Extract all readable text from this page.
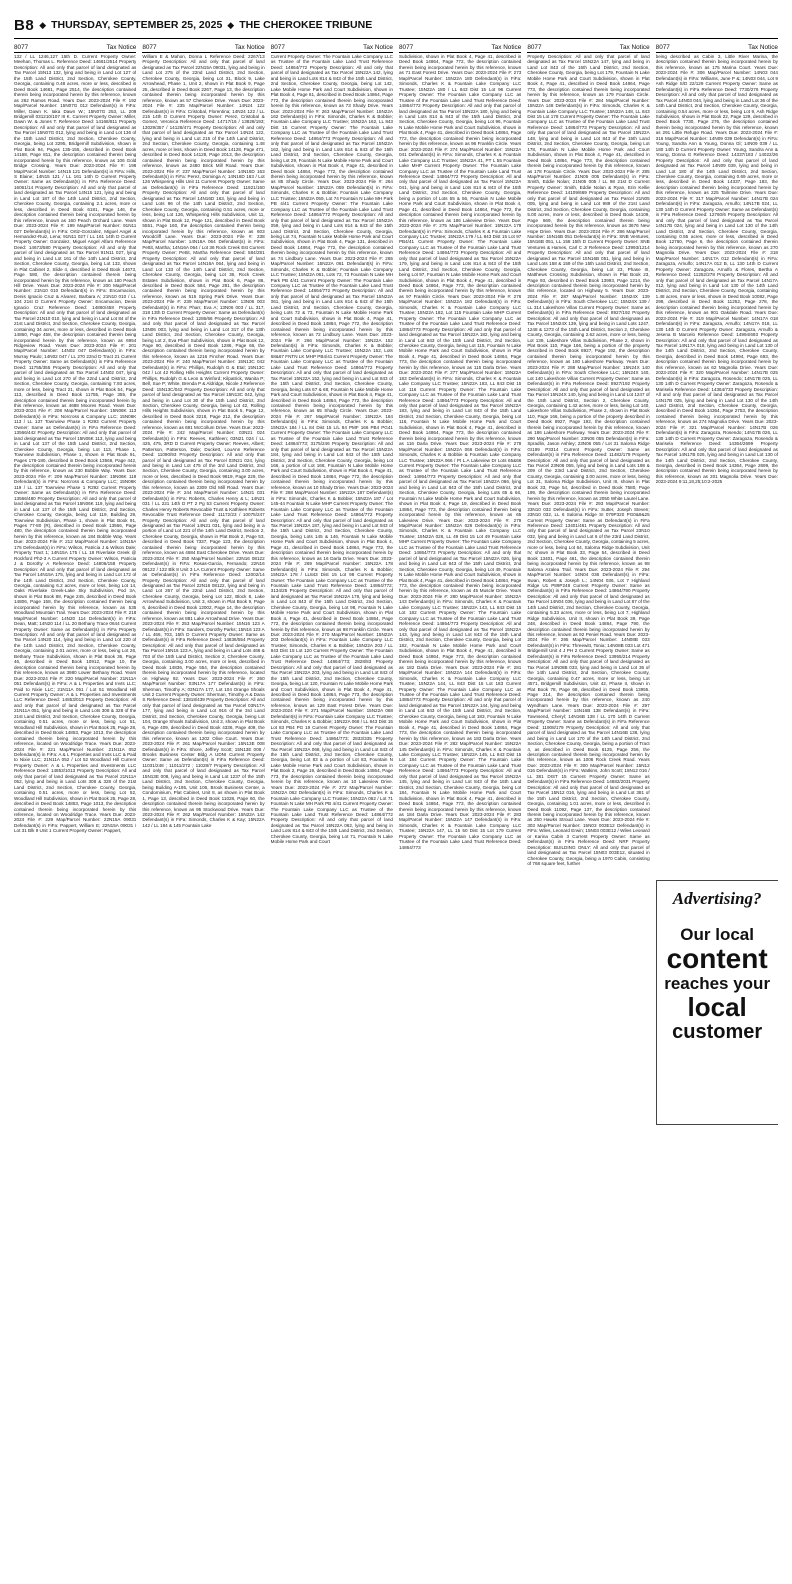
B8 ◆ THURSDAY, SEPTEMBER 25, 2025 ◆ THE CHEROKEE TRIBUNE
8077	Tax Notice
132 / LL 1246,127 15th D. Current Property Owner: Meehan, Thomas L. Reference Deed: 14661/2514 Property Description: All and only that parcel of land designated as Tax Parcel 15N13 132, lying and being in Land Lot 127 of the 15th Land District, 2nd Section, Cherokee County, Georgia, containing 0.48 acres, more or less, described in Deed Book 14661, Page 2514, the description contained therein being incorporated herein by this reference, known as 262 Ramos Road. Years Due: 2023-2024 File #: 192 Map/Parcel Number: 15N07G 012 Defendant(s) in FiFa: Miller, Dawn K. Iaka Dawn W.; 15N07G 253, LL 209 Bridgemill 031210/107 III K. Current Property Owner: Miller, Dawn W. & Jones T. Reference Deed: 14168/811 Property Description: All and only that parcel of land designated as Tax Parcel 15N07G 012, lying and being in Land Lot 136 of the 15th Land District, 2nd Section, Cherokee County, Georgia, being Lot 3295, Bridgemill Subdivision, shown in Plat Book 94, Pages 135-155, described in Deed Book 14168, Page 811, the description contained therein being incorporated herein by this reference, known as 106 Gold Bridge Crossing. Years Due: 2023-2024 File #: 198 Map/Parcel Number: 14N15 121 Defendant(s) in FiFa: Hills, S Elaine; 14N15 121 / LL 161 14th D Current Property Owner: Same as Defendant(s) in FiFa Reference Deed: 16061/14 Property Description: All and only that parcel of land designated as Tax Parcel 14N15 121, lying and being in Land Lot 187 of the 14th Land District, 2nd Section, Cherokee County, Georgia, containing 2.1 acres, more or less, described in Deed Book 6181, Page 146, the description contained therein being incorporated herein by this reference, known as 160 Peach Orchard Lane. Years Due: 2023-2024 File #: 199 Map/Parcel Number: 91N11 027 Defendant(s) in FiFa: Ortiz-Gonzalez, Miguel Angel & Hernandez-Ruiz, Lena; 91N11 027 / LL 161 14th D Current Property Owner: Gonzalez, Miguel Angel Alfaro Reference Deed: 14673/580 Property Description: All and only that parcel of land designated as Tax Parcel 91N11 027, lying and being in Land Lot 161 of the 14th Land District, 2nd Section, Cherokee County, Georgia, being Lot 132, shown in Plat Cabinet 2, Slide 4, described in Deed Book 14673, Page 580, the description contained therein being incorporated herein by this reference, known as 160 Peach Hill Drive. Years Due: 2023-2024 File #: 200 Map/Parcel Number: 21N10 010 Defendant(s) in FiFa: Encarnacion, Denis Ignacio Cruz & Alvarez, Barbara A; 21N10 010 / LL 104 21st D Current Property Owner: Encarnacion, Denis Ignacio Cruz Reference Deed: 14860/458 Property Description: All and only that parcel of land designated as Tax Parcel 21N10 010, lying and being in Land Lot 84 of the 21st Land District, 2nd Section, Cherokee County, Georgia, containing 34 acres, more or less, described in Deed Book 14860, Page 458, the description contained therein being incorporated herein by this reference, known as 6954 Ridgeview Road. Years Due: 2023-2024 File #: 201 Map/Parcel Number: 14N02 047 Defendant(s) in FiFa: Murray Paulo; 14N02 047 / LL 270 22nd D Tract 21 Current Property Owner: Same as Defendant(s) in FiFa Reference Deed: 11755/355 Property Description: All and only that parcel of land designated as Tax Parcel 14N02 047, lying and being in Land Lot 270 of the 22nd Land District, 2nd Section, Cherokee County, Georgia, containing 7.93 acres, more or less, being Tract 21, shown in Plat Book 54, Page 113, described in Deed Book 11755, Page 355, the description contained therein being incorporated herein by this reference, known as 4688 Moores Road. Years Due: 2023-2024 File #: 208 Map/Parcel Number: 15N06K 113 Defendant(s) in FiFa: Norcross & Company LLC; 15N06K 113 / LL 137 Townview Phase 1 R293 Current Property Owner: Same as Defendant(s) in FiFa Reference Deed: 13566/442 Property Description: All and only that parcel of land designated as Tax Parcel 15N06K 113, lying and being in Land Lot 137 of the 15th Land District, 2nd Section, Cherokee County, Georgia, being Lot 113, Phase 1, Townview Subdivision, Phase 1, shown in Plat Book 91, Pages 176-180, described in Deed Book 13566, Page 442, the description contained therein being incorporated herein by this reference, known as 230 Bobble Way. Years Due: 2023-2024 File #: 209 Map/Parcel Number: 15N06K 119 Defendant(s) in FiFa: Norcross & Company LLC; 15N06K 119 / LL 137 Townview Phase 1 R292 Current Property Owner: Same as Defendant(s) in FiFa Reference Deed: 13566/480 Property Description: All and only that parcel of land designated as Tax Parcel 15N06K 119, lying and being in Land Lot 137 of the 15th Land District, 2nd Section, Cherokee County, Georgia, being Lot 119, Building 29, Townview Subdivision, Phase 1, shown in Plat Book 91, Pages 77-80 (R), described in Deed Book 13566, Page 480, the description contained therein being incorporated herein by this reference, known as 184 Bobble Way. Years Due: 2023-2024 File #: 212 Map/Parcel Number: 14N15A 175 Defendant(s) in FiFa: Wilson, Patricia J & Wilson Dale; Property Tract 1; 14N15A 175 / LL 18 Riverlake Greek @ Rockford Ph2-3 A Current Property Owner: Wilson, Patricia J & Dorothy A Reference Deed: 14806/158 Property Description: All and only that parcel of land designated as Tax Parcel 14N15A 175, lying and being in Land Lot 172 of the 14th Land District, 2nd Section, Cherokee County, Georgia, containing 6.2 acres, more or less, being Lot 14, Oaks Riverlake Greek-Lake Sky Subdivision, Pod 3A, shown in Plat Book 88, Page 245, described in Deed Book 14806, Page 158, the description contained therein being incorporated herein by this reference, known as 535 Woodland Mountain Trail. Years Due: 2023-2024 File #: 218 Map/Parcel Number: 14N20 114 Defendant(s) in FiFa: Dean, Matt; 14N20 114 / LL 20 Bethany Trace 0644 Current Property Owner: Same as Defendant(s) in FiFa Property Description: All and only that parcel of land designated as Tax Parcel 14N20 114, lying and being in Land Lot 220 of the 14th Land District, 2nd Section, Cherokee County, Georgia, containing 2.01 acres, more or less, being Lot 26, Bethany Trace Subdivision, shown in Plat Book 36, Page 46, described in Deed Book 10912, Page 10, the description contained therein being incorporated herein by this reference, known as 3980 Lower Bethany Road. Years Due: 2023-2024 File #: 220 Map/Parcel Number: 21N11A 051 Defendant(s) in FiFa: A & L Properties and Invts LLC; Paid to Nixie LLC; 21N11A 051 / Lot 51 Woodland Hill Current Property Owner: A & L Properties and Investments LLC Reference Deed: 14853/013 Property Description: All and only that parcel of land designated as Tax Parcel 21N11A 051, lying and being in Land Lots 308 & 328 of the 21st Land District, 2nd Section, Cherokee County, Georgia, containing 0.51 acres, more or less, being Lot 51, Woodland Hill Subdivision, shown in Plat Book 25, Page 28, described in Deed Book 14853, Page 1013, the description contained therein being incorporated herein by this reference, located on Woodridge Trace. Years Due: 2023-2024 File #: 221 Map/Parcel Number: 21N11A 052 Defendant(s) in FiFa: A & L Properties and Invts LLC & Paid to Nixie LLC; 21N11A 052 / Lot 52 Woodland Hill Current Property Owner: A & L Properties and Investments LLC Reference Deed: 14853/1013 Property Description: All and only that parcel of land designated as Tax Parcel 21N11A 052, lying and being in Land Lots 308 & 328 of the 21st Land District, 2nd Section, Cherokee County, Georgia, containing 0.51 acres, more or less, being Lot 52, Woodland Hill Subdivision, shown in Plat Book 25, Page 28, described in Deed Book 14853, Page 1013, the description contained therein being incorporated herein by this reference, located on Woodridge Trace. Years Due: 2023-2024 File #: 229 Map/Parcel Number: 22N15A 09031 Defendant(s) in FiFa: Pappert, William E; 22N15A 09031 / Lot 31 Blk 9 Unit 1 Current Property Owner: Pappert,
8077	Tax Notice
William E & Mahon, Donna L Reference Deed: 2267/13 Property Description: All and only that parcel of land designated as Tax Parcel 22N15A 09031, lying and being in Land Lot 275 of the 22nd Land District, 2nd Section, Cherokee County, Georgia, being Lot 31, Block 9, Lake Arrowhead, Phase 1, Unit 2, shown in Plat Book 9, Page 25, described in Deed Book 2267, Page 13, the description contained therein being incorporated herein by this reference, known as 57 Cherokee Drive. Years Due: 2023-2024 File #: 235 Map/Parcel Number: 14N24 122 Defendant(s) in FiFa: Cristobal, Florentina; 14N24 122 / LL 215 14th D Current Property Owner: Perez, Cristobal & Gomez, Veronica Reference Deed: 14717/16 / 13828/193; 13029/357 / 14128/471 Property Description: All and only that parcel of land designated as Tax Parcel 14N24 122, lying and being in Land Lot 215 of the 14th Land District, 2nd Section, Cherokee County, Georgia, containing 1.48 acres, more or less, shown in Deed Book 14128, Page 471, described in Deed Book 14128, Page 2013, the description contained therein being incorporated herein by this reference, known as 2480 Brick Mill Road. Years Due: 2023-2024 File #: 237 Map/Parcel Number: 14N16D 163 Defendant(s) in FiFa: Perez, Dominga A; 14N16D 163 / Lot 126 Whispering Hills Unit 11 Current Property Owner: Same as Defendant(s) in FiFa Reference Deed: 11921/160 Property Description: All and only that parcel of land designated as Tax Parcel 14N16D 163, lying and being in Land Lots 96 of the 14th Land District, 2nd Section, Cherokee County, Georgia, containing 0.51 acres, more or less, being Lot 126, Whispering Hills Subdivision, Unit 11, shown in Plat Book 12, Page 121, described in Deed Book 5551, Page 160, the description contained therein being incorporated herein by this reference, known as 603 Woodcliff Lane. Years Due: 2023-2024 File #: 238 Map/Parcel Number: 14N16A 064 Defendant(s) in FiFa: Pettit, Martha; 14N16A 064 / Lot 36 Rock Creek Est Current Property Owner: Pettit, Martha Reference Deed: 584/281 Property Description: All and only that parcel of land designated as Tax Parcel 14N16A 064, lying and being in Land Lot 133 of the 14th Land District, 2nd Section, Cherokee County, Georgia, being Lot 36, Rock Creek Estates Subdivision, shown in Plat Book 6, Page 86, described in Deed Book 584, Page 281, the description contained therein being incorporated herein by this reference, known as 515 Spring Park Drive. Years Due: 2023-2024 File #: 239 Map/Parcel Number: 13N06 003 Defendant(s) in FiFa: Pharr, Eva A; 13N06 003 / LL 317, 318 13th D Current Property Owner: Same as Defendant(s) in FiFa Reference Deed: 1286/66 Property Description: All and only that parcel of land designated as Tax Parcel 13N06 003, lying and being in Land Lot 317 of the 13th Land District, 2nd Section, Cherokee County, Georgia, being Lot 2, Eva Pharr Subdivision, shown in Plat Book 12, Page 90, described in Deed Book 1286, Page 66, the description contained therein being incorporated herein by this reference, known as 1216 Fincher Road. Years Due: 2023-2024 File #: 240 Map/Parcel Number: 15N13C 042 Defendant(s) in FiFa: Phillips, Rudolph G & Etal; 15N13C 042 / Lot 42 Rolling Hills Heights Current Property Owner: Phillips, Rudolph G & Leon & Winford; Kilpatrick, Wanita P; Bell, Sue P; White, Brenda P & Aldridge, Nicole J Reference Deed: 15N13C/042 Property Description: All and only that parcel of land designated as Tax Parcel 15N13C 042, lying and being in Land Lot 30 of the 15th Land District, 2nd Section, Cherokee County, Georgia, being Lot 42, Rolling Hills Heights Subdivision, shown in Plat Book 5, Page 12, described in Deed Book 3218, Page 212, the description contained therein being incorporated herein by this reference, known as 691 McCollum Drive. Years Due: 2023-2024 File #: 242 Map/Parcel Number: 03N21 024 Defendant(s) in FiFa: Reeves, Kathleen; 03N21 024 / LL 425, 475, 3RD D Current Property Owner: Reeves, Albert; Patterson, Patterson, Dale; Duckett, LouAnn Reference Deed: 11090/93 Property Description: All and only that parcel of land designated as Tax Parcel 03N21 024, lying and being in Land Lot 475 of the 3rd Land District, 2nd Section, Cherokee County, Georgia, containing 3.00 acres, more or less, described in Deed Book 9819, Page 229, the description contained therein being incorporated herein by this reference, known as 2309 Old Mill Road. Years Due: 2023-2024 File #: 244 Map/Parcel Number: 14N21 031 Defendant(s) in FiFa: Roberts, Charles Henry & L; 14N21 031 / LL 221 14th D PT 2 Pg 53 Current Property Owner: Charles Henry Roberts Revocable Trust & Kathleen Roberts Revocable Trust Reference Deed: 11172/23 / 10075/247 Property Description: All and only that parcel of land designated as Tax Parcel 14N21 031, lying and being in a portion of Land Lot 221 of the 14th Land District, Section 2, Cherokee County, Georgia, shown in Plat Book 2, Page 53, described in Deed Book 7337, Page 123, the description contained therein being incorporated herein by this reference, known as 4684 East Cherokee Drive. Years Due: 2023-2024 File #: 250 Map/Parcel Number: 22N16 08122 Defendant(s) in FiFa: Rosas-Garcia, Fernando; 22N16 08122 / 122 Blk 8 Unit 3 LA Current Property Owner: Same as Defendant(s) in FiFa Reference Deed: 12002/14 Property Description: All and only that parcel of land designated as Tax Parcel 22N16 08122, lying and being in Land Lot 267 of the 22nd Land District, 2nd Section, Cherokee County, Georgia, being Lot 122, Block 8, Lake Arrowhead Subdivision, Unit 3, shown in Plat Book 9, Page 6, described in Deed Book 12002, Page 14, the description contained therein being incorporated herein by this reference, known as 881 Lake Arrowhead Drive. Years Due: 2023-2024 File #: 253 Map/Parcel Number: 15N16 123 A Defendant(s) in FiFa: Sanders, Dorothy Parks; 15N16 123 A / LL 466, 703, 15th D Current Property Owner: Same as Defendant(s) in FiFa Reference Deed: 14836/554 Property Description: All and only that parcel of land designated as Tax Parcel 15N16 123 A, lying and being in Land Lots 466 & 703 of the 15th Land District, Section 2, Cherokee County, Georgia, containing 3.00 acres, more or less, described in Deed Book 14836, Page 554, the description contained therein being incorporated herein by this reference, located on Highway 92. Years Due: 2023-2024 File #: 260 Map/Parcel Number: 03N17A 177 Defendant(s) in FiFa: Sherman, Timothy A; 03N17A 177, Lot 104 Orange Shoals Unit 2 Current Property Owner: Sherman, Timothy A & Dana S Reference Deed: 13818/439 Property Description: All and only that parcel of land designated as Tax Parcel 03N17A 177, lying and being in Land Lot 916 of the 3rd Land District, 2nd Section, Cherokee County, Georgia, being Lot 104, Orange Shoals Subdivision, Unit 2, shown in Plat Book 6, Page 409, described in Deed Book 4336, Page 409, the description contained therein being incorporated herein by this reference, known as 1202 Olive Court. Years Due: 2023-2024 File #: 261 Map/Parcel Number: 15N13E 008 Defendant(s) in FiFa: Shore, Jeffrey Scott; 15N13E 008 / Brooks Business Center Bldg A UDNI Current Property Owner: Same as Defendant(s) in FiFa Reference Deed: 11031/248 ; 11011/272 ; 11028/7 Property Description: All and only that parcel of land designated as Tax Parcel 15N13E 008, lying and being in Land Lot 1237 of the 15th Land District, 2nd Section, Cherokee County, Georgia, being Building A-195, Unit 106, Brook Business Center, a Condominium, Plat Cabinet, Unit 8, as shown in Plat Book 1, Page 13, described in Deed Book 11028, Page 60, the description contained therein being incorporated herein by this reference, known as 95 Stockwood Drive. Years Due: 2023-2024 File #: 262 Map/Parcel Number: 15N22A 142 Defendant(s) in FiFa: Simonds, Charles K & Kay; 15N22A 142 / LL 184 & 145 Fountain Lake
8077	Tax Notice
Current Property Owner: The Fountain Lake Company LLC as Trustee of the Fountain Lake Land Trust Reference Deed: 14864/772 Property Description: All and only that parcel of land designated as Tax Parcel 15N22A 142, lying and being in Land Lots 814 & 843 of the 15th Land District, 2nd Section, Cherokee County, Georgia, being Lot 142, Lake Mobile Home Park and Court Subdivision, shown in Plat Book 4, Page 61, described in Deed Book 14864, Page 772, the description contained therein being incorporated herein by this reference, known as 73 Shady Drive. Years Due: 2023-2024 File #: 263 Map/Parcel Number: 15N22A 162 Defendant(s) in FiFa: Simonds, Charles K & Bobbie; Fountain Lake Company LLC Trustee; 15N22A 162, LL 843 Dist 15 Current Property Owner: The Fountain Lake Company LLC as Trustee of the Fountain Lake Land Trust Reference Deed: 14864/773 Property Description: All and only that parcel of land designated as Tax Parcel 15N22A 162, lying and being in Land Lots 814 & 843 of the 15th Land District, 2nd Section, Cherokee County, Georgia, being Lot 29, Fountain N Lake Mobile Home Park and Court Subdivision, shown in Plat Book 4, Page 41, described in Deed Book 14864, Page 772, the description contained therein being incorporated herein by this reference, known as 85 Shady Circle. Years Due: 2023-2024 File #: 264 Map/Parcel Number: 15N22A 059 Defendant(s) in FiFa: Simonds, Charles K & Bobbie; Fountain Lake Company LLC Trustee; 15N22A 059, Lot 74 Fountain N Lake MH Park PB 4/41 Current Property Owner: The Fountain Lake Company LLC as Trustee of the Fountain Lake Land Trust Reference Deed: 14864/772 Property Description: All and only that parcel of land designated as Tax Parcel 15N22A 059, lying and being in Land Lots 814 & 843 of the 15th Land District, 2nd Section, Cherokee County, Georgia, being Lot 74, Fountain N Lake Mobile Home Park and Court Subdivision, shown in Plat Book 4, Page 131, described in Deed Book 14864, Page 772, the description contained therein being incorporated herein by this reference, known as 74 Lindbury Lane. Years Due: 2023-2024 File #: 265 Map/Parcel Number: 15N22A 061 Defendant(s) in FiFa: Simonds, Charles K & Bobbie; Fountain Lake Company LLC Trustee; 15N22A 061, Lots 72, 73 Fountain N Lake MH Park PB 4/41 Current Property Owner: The Fountain Lake Company LLC as Trustee of the Fountain Lake Land Trust Reference Deed: 14864/772 Property Description: All and only that parcel of land designated as Tax Parcel 15N22A 061, lying and being in Land Lots 814 & 843 of the 15th Land District, 2nd Section, Cherokee County, Georgia, being Lots 72 & 73, Fountain N Lake Mobile Home Park and Court Subdivision, shown in Plat Book 4, Page 41, described in Deed Book 14864, Page 772, the description contained therein being incorporated herein by this reference, known as 72 Lindbury Lane. Years Due: 2023-2024 File #: 266 Map/Parcel Number: 15N22A 152 Defendant(s) in FiFa: Simonds, Charles K & Bobbie; Fountain Lake Company LLC Trustee; 15N22A 152, Lots 68&67 FNTN LK MHP PB4/41 Current Property Owner: The Fountain Lake Company LLC as Trustee of the Fountain Lake Land Trust Reference Deed: 14864/772 Property Description: All and only that parcel of land designated as Tax Parcel 15N22A 152, lying and being in Land Lot 843 of the 15th Land District, 2nd Section, Cherokee County, Georgia, being Lots 67 & 68, Fountain N Lake Mobile Home Park and Court Subdivision, shown in Plat Book 4, Page 41, described in Deed Book 14864, Page 772, the description contained therein being incorporated herein by this reference, known as 65 Shady Circle. Years Due: 2023-2024 File #: 267 Map/Parcel Number: 15N22A 184 Defendant(s) in FiFa: Simonds, Charles K & Bobbie; 15N22A 184 / LL 84 Dist 15 L/L 84 PMF 166 PB4 PG41 Current Property Owner: The Fountain Lake Company LLC as Trustee of the Fountain Lake Land Trust Reference Deed: 14864/773; 3175/246 Property Description: All and only that parcel of land designated as Tax Parcel 15N22A 184, lying and being in Land Lot 843 of the 15th Land District, 2nd Section, Cherokee County, Georgia, being Lot 166, a portion of Lot 168, Fountain N Lake Mobile Home Park and Court Subdivision, shown in Plat Book 4, Page 41, described in Deed Book 14864, Page 772, the description contained therein being incorporated herein by this reference, known as 10 Shady Drive. Years Due: 2023-2024 File #: 268 Map/Parcel Number: 15N22A 187 Defendant(s) in FiFa: Simonds, Charles K & Bobbie; 15N22A 187 / Lot 145-44 Fountain N Lake MHP Current Property Owner: The Fountain Lake Company LLC as Trustee of the Fountain Lake Land Trust Reference Deed: 14864/772 Property Description: All and only that parcel of land designated as Tax Parcel 15N22A 187, lying and being in Land Lot 843 of the 15th Land District, 2nd Section, Cherokee County, Georgia, being Lots 145 & 146, Fountain N Lake Mobile Home Park and Court Subdivision, shown in Plat Book 4, Page 41, described in Deed Book 14864, Page 772, the description contained therein being incorporated herein by this reference, known as 16 Darla Drive. Years Due: 2023-2024 File #: 269 Map/Parcel Number: 15N22A 178 Defendant(s) in FiFa: Simonds, Charles K & Bobbie; 15N22A 178 / LL843 Dist 15 Lot 98 Current Property Owner: The Fountain Lake Company LLC as Trustee of the Fountain Lake Land Trust Reference Deed: 14864/772; 3134/25 Property Description: All and only that parcel of land designated as Tax Parcel 15N22A 178, lying and being in Land Lot 843 of the 15th Land District, 2nd Section, Cherokee County, Georgia, being Lot 98, Fountain N Lake Mobile Home Park and Court Subdivision, shown in Plat Book 4, Page 41, described in Deed Book 14864, Page 772, the description contained therein being incorporated herein by this reference, known as 98 Franklin Circle. Years Due: 2023-2024 File #: 270 Map/Parcel Number: 15N22A 203 Defendant(s) in FiFa: Fountain Lake Company LLC Trustee; Simonds, Charles K & Bobbie; 15N22A 203 / LL 843 Dist 15 Lot 120 Current Property Owner: The Fountain Lake Company LLC as Trustee of the Fountain Lake Land Trust Reference Deed: 14864/773; 2828/83 Property Description: All and only that parcel of land designated as Tax Parcel 15N22A 203, lying and being in Land Lot 843 of the 15th Land District, 2nd Section, Cherokee County, Georgia, being Lot 120, Fountain N Lake Mobile Home Park and Court Subdivision, shown in Plat Book 4, Page 41, described in Deed Book 14864, Page 773, the description contained therein being incorporated herein by this reference, known as 129 East Forest Drive. Years Due: 2023-2024 File #: 271 Map/Parcel Number: 15N22A 068 Defendant(s) in FiFa: Fountain Lake Company LLC Trustee; Simonds, Charles K & Bobbie; 15N22A 068 / LL 843 Dist 15 Lot 83 PB4 PG 19 Current Property Owner: The Fountain Lake Company LLC as Trustee of the Fountain Lake Land Trust Reference Deed: 14864/773; 2833/335 Property Description: All and only that parcel of land designated as Tax Parcel 15N22A 068, lying and being in Land Lot 843 of the 15th Land District, 2nd Section, Cherokee County, Georgia, being Lot 83 & a portion of Lot 83, Fountain N Lake Mobile Home Park and Court Subdivision, shown in Plat Book 2, Page 19, described in Deed Book 14864, Page 773, the description contained therein being incorporated herein by this reference, known as 10 Lakeview Drive. Years Due: 2023-2024 File #: 272 Map/Parcel Number: 15N22A 062 Defendant(s) in FiFa: Simonds, Charles K & Fountain Lake Company LLC Trustee; 15N22A 062 / Lot 71 Fountain N Lake MH Park PB 4/41 Current Property Owner: The Fountain Lake Company LLC as Trustee of the Fountain Lake Land Trust Reference Deed: 14864/772 Property Description: All and only that parcel of land designated as Tax Parcel 15N22A 062, lying and being in Land Lots 814 & 843 of the 15th Land District, 2nd Section, Cherokee County, Georgia, being Lot 71, Fountain N Lake Mobile Home Park and Court
8077	Tax Notice
Subdivision, shown in Plat Book 4, Page 41, described in Deed Book 14864, Page 772, the description contained therein being incorporated herein by this reference, known as 71 East Forest Drive. Years Due: 2023-2024 File #: 273 Map/Parcel Number: 15N22A 180 Defendant(s) in FiFa: Simonds, Charles K & Fountain Lake Company LLC Trustee; 15N22A 180 / LL 843 Dist 15 Lot 96 Current Property Owner: The Fountain Lake Company LLC as Trustee of the Fountain Lake Land Trust Reference Deed: 14864/772 Property Description: All and only that parcel of land designated as Tax Parcel 15N22A 180, lying and being in Land Lots 814 & 843 of the 15th Land District, 2nd Section, Cherokee County, Georgia, being Lot 96, Fountain N Lake Mobile Home Park and Court Subdivision, shown in Plat Book 4, Page 41, described in Deed Book 14864, Page 772, the description contained therein being incorporated herein by this reference, known as 96 Franklin Circle. Years Due: 2023-2024 File #: 274 Map/Parcel Number: 15N22A 041 Defendant(s) in FiFa: Simonds, Charles K & Fountain Lake Company LLC Trustee; 15N22A 41, PT L 55 Fountain Lake MHP Current Property Owner: The Fountain Lake Company LLC as Trustee of the Fountain Lake Land Trust Reference Deed: 14864/772 Property Description: All and only that parcel of land designated as Tax Parcel 15N22A 041, lying and being in Land Lots 814 & 843 of the 15th Land District, 2nd Section, Cherokee County, Georgia, being a portion of Lots 55 & 56, Fountain N Lake Mobile Home Park and Court Subdivision, shown in Plat Book 4, Page 41, described in Deed Book 14864, Page 772, the description contained therein being incorporated herein by this reference, known as 186 Lakeview Drive. Years Due: 2023-2024 File #: 275 Map/Parcel Number: 15N22A 179 Defendant(s) in FiFa: Simonds, Charles K & Fountain Lake Company LLC Trustee; 15N22A 179 / LL 843 Dist 15 Lot 97 PB4/41 Current Property Owner: The Fountain Lake Company LLC as Trustee of the Fountain Lake Land Trust Reference Deed: 14864/773 Property Description: All and only that parcel of land designated as Tax Parcel 15N22A 179, lying and being in Land Lots 814 & 843 of the 15th Land District, 2nd Section, Cherokee County, Georgia, being Lot 97, Fountain N Lake Mobile Home Park and Court Subdivision, shown in Plat Book 4, Page 41, described in Deed Book 14864, Page 773, the description contained therein being incorporated herein by this reference, known as 97 Franklin Circle. Years Due: 2023-2024 File #: 276 Map/Parcel Number: 15N22A 182 Defendant(s) in FiFa: Simonds, Charles K & Fountain Lake Company LLC Trustee; 15N22A 182, Lot 115 Fountain Lake MHP Current Property Owner: The Fountain Lake Company LLC as Trustee of the Fountain Lake Land Trust Reference Deed: 14864/773 Property Description: All and only that parcel of land designated as Tax Parcel 15N22A 182, lying and being in Land Lot 843 of the 15th Land District, 2nd Section, Cherokee County, Georgia, being Lot 115, Fountain N Lake Mobile Home Park and Court Subdivision, shown in Plat Book 4, Page 41, described in Deed Book 14864, Page 773, the description contained therein being incorporated herein by this reference, known as 115 Darla Drive. Years Due: 2023-2024 File #: 277 Map/Parcel Number: 15N22A 183 Defendant(s) in FiFa: Simonds, Charles K & Fountain Lake Company LLC Trustee; 15N22A 183, LL 843 Dist 15 Lot 116 Current Property Owner: The Fountain Lake Company LLC as Trustee of the Fountain Lake Land Trust Reference Deed: 14864/773 Property Description: All and only that parcel of land designated as Tax Parcel 15N22A 183, lying and being in Land Lot 843 of the 15th Land District, 2nd Section, Cherokee County, Georgia, being Lot 116, Fountain N Lake Mobile Home Park and Court Subdivision, shown in Plat Book 4, Page 41, described in Deed Book 14864, Page 773, the description contained therein being incorporated herein by this reference, known as 116 Darla Drive. Years Due: 2023-2024 File #: 278 Map/Parcel Number: 15N22A 066 Defendant(s) in FiFa: Simonds, Charles K & Bobbie & Fountain Lake Company LLC Trustee; 15N22A 066 / Pt L.A Lakeview Dr Lots 65&66 Current Property Owner: The Fountain Lake Company LLC as Trustee of the Fountain Lake Land Trust Reference Deed: 14864/773 Property Description: All and only that parcel of land designated as Tax Parcel 15N22A 066, lying and being in Land Lot 843 of the 15th Land District, 2nd Section, Cherokee County, Georgia, being Lots 65 & 66, Fountain N Lake Mobile Home Park and Court Subdivision, shown in Plat Book 4, Page 19, described in Deed Book 14864, Page 773, the description contained therein being incorporated herein by this reference, known as 65 Lakeview Drive. Years Due: 2023-2024 File #: 279 Map/Parcel Number: 15N22A 026 Defendant(s) in FiFa: Simonds, Charles K & Fountain Lake Company LLC Trustee; 15N22A 026, LL 49 Dist 15 Lot 49 Fountain Lake MHP Current Property Owner: The Fountain Lake Company LLC as Trustee of the Fountain Lake Land Trust Reference Deed: 14864/773 Property Description: All and only that parcel of land designated as Tax Parcel 15N22A 026, lying and being in Land Lot 843 of the 15th Land District, 2nd Section, Cherokee County, Georgia, being Lot 49, Fountain N Lake Mobile Home Park and Court Subdivision, shown in Plat Book 4, Page 41, described in Deed Book 14864, Page 773, the description contained therein being incorporated herein by this reference, known as 45 Muscle Drive. Years Due: 2023-2024 File #: 280 Map/Parcel Number: 15N22A 143 Defendant(s) in FiFa: Simonds, Charles K & Fountain Lake Company LLC Trustee; 15N22A 143, LL 843 Dist 15 Lot 182 Current Property Owner: The Fountain Lake Company LLC as Trustee of the Fountain Lake Land Trust Reference Deed: 14864/773 Property Description: All and only that parcel of land designated as Tax Parcel 15N22A 143, lying and being in Land Lot 843 of the 15th Land District, 2nd Section, Cherokee County, Georgia, being Lot 182, Fountain N Lake Mobile Home Park and Court Subdivision, shown in Plat Book 4, Page 41, described in Deed Book 14864, Page 773, the description contained therein being incorporated herein by this reference, known as 182 Darla Drive. Years Due: 2023-2024 File #: 281 Map/Parcel Number: 15N22A 144 Defendant(s) in FiFa: Simonds, Charles K & Fountain Lake Company LLC Trustee; 15N22A 144, LL 843 Dist 15 Lot 183 Current Property Owner: The Fountain Lake Company LLC as Trustee of the Fountain Lake Land Trust Reference Deed: 14864/773 Property Description: All and only that parcel of land designated as Tax Parcel 15N22A 144, lying and being in Land Lot 843 of the 15th Land District, 2nd Section, Cherokee County, Georgia, being Lot 183, Fountain N Lake Mobile Home Park and Court Subdivision, shown in Plat Book 4, Page 41, described in Deed Book 14864, Page 773, the description contained therein being incorporated herein by this reference, known as 183 Darla Drive. Years Due: 2023-2024 File #: 282 Map/Parcel Number: 15N22A 145 Defendant(s) in FiFa: Simonds, Charles K & Fountain Lake Company LLC Trustee; 15N22A 145, LL 843 Dist 15 Lot 184 Current Property Owner: The Fountain Lake Company LLC as Trustee of the Fountain Lake Land Trust Reference Deed: 14864/773 Property Description: All and only that parcel of land designated as Tax Parcel 15N22A 145, lying and being in Land Lot 843 of the 15th Land District, 2nd Section, Cherokee County, Georgia, being Lot 184, Fountain N Lake Mobile Home Park and Court Subdivision, shown in Plat Book 4, Page 41, described in Deed Book 14864, Page 773, the description contained therein being incorporated herein by this reference, known as 184 Darla Drive. Years Due: 2023-2024 File #: 283 Map/Parcel Number: 15N22A 147 Defendant(s) in FiFa: Simonds, Charles K & Fountain Lake Company LLC Trustee; 15N22A 147, LL 15 50 Dist 15 Lot 179 Current Property Owner: The Fountain Lake Company LLC as Trustee of the Fountain Lake Land Trust Reference Deed: 14864/773
8077	Tax Notice
Property Description: All and only that parcel of land designated as Tax Parcel 15N22A 147, lying and being in Land Lot 843 of the 15th Land District, 2nd Section, Cherokee County, Georgia, being Lot 179, Fountain N Lake Mobile Home Park and Court Subdivision, shown in Plat Book 4, Page 41, described in Deed Book 14864, Page 773, the description contained therein being incorporated herein by this reference, known as 179 Fountain Circle. Years Due: 2023-2024 File #: 284 Map/Parcel Number: 15N22A 148 Defendant(s) in FiFa: Simonds, Charles K & Fountain Lake Company LLC Trustee; 15N22A 148, LL 843 Dist 15 Lot 178 Current Property Owner: The Fountain Lake Company LLC as Trustee of the Fountain Lake Land Trust Reference Deed: 14864/773 Property Description: All and only that parcel of land designated as Tax Parcel 15N22A 148, lying and being in Land Lot 843 of the 15th Land District, 2nd Section, Cherokee County, Georgia, being Lot 178, Fountain N Lake Mobile Home Park and Court Subdivision, shown in Plat Book 4, Page 41, described in Deed Book 14864, Page 773, the description contained therein being incorporated herein by this reference, known as 178 Fountain Circle. Years Due: 2023-2024 File #: 285 Map/Parcel Number: 21N05 005 Defendant(s) in FiFa: Smith, Eddie Nolan; 21N05 005 / LL 98 21st D Current Property Owner: Smith, Eddie Nolan & Ryan, Erin Kellie Reference Deed: 14109/669 Property Description: All and only that parcel of land designated as Tax Parcel 21N05 005, lying and being in Land Lot 989 of the 21st Land District, 2nd Section, Cherokee County, Georgia, containing 5.00 acres, more or less, described in Deed Book 14109, Page 669, the description contained therein being incorporated herein by this reference, known as 3676 New Hope Drive. Years Due: 2023-2024 File #: 286 Map/Parcel Number: 15N16B 051 Defendant(s) in FiFa: SNB Ventures; 15N16B 051, LL 158 15th D Current Property Owner: SNB Ventures & Hames, Carl C Jr Reference Deed: 13993/1214 Property Description: All and only that parcel of land designated as Tax Parcel 15N16B 051, lying and being in Land Lots 158 & 159 of the 15th Land District, 2nd Section, Cherokee County, Georgia, being Lot 23, Phase III, Matthews Crossing Subdivision, shown in Plat Book 23, Page 93, described in Deed Book 13993, Page 1214, the description contained therein being incorporated herein by this reference, located on Highway 5. Years Due: 2023-2024 File #: 287 Map/Parcel Number: 15N24X 139 Defendant(s) in FiFa: South Cherokee LLC; 15N24X 139 / LL 314 Lakeshore Villas Current Property Owner: Same as Defendant(s) in FiFa Reference Deed: 8927/192 Property Description: All and only that parcel of land designated as Tax Parcel 15N24X 139, lying and being in Land Lots 1247, 1248 & 1273 of the 15th Land District, Section 2, Cherokee County, Georgia, containing 2.62 acres, more or less, being Lot 139, Lakeshore Villas Subdivision, Phase 2, shown in Plat Book 110, Page 166, being a portion of the property described in Deed Book 8927, Page 192, the description contained therein being incorporated herein by this reference, known as 180 Lakeshore Parkway. Years Due: 2023-2024 File #: 288 Map/Parcel Number: 15N24X 140 Defendant(s) in FiFa: South Cherokee LLC; 15N24X 140, Lot 140 Lakeshore Villas Current Property Owner: Same as Defendant(s) in FiFa Reference Deed: 8927/192 Property Description: All and only that parcel of land designated as Tax Parcel 15N24X 140, lying and being in Land Lot 1247 of the 15th Land District, Section 2, Cherokee County, Georgia, containing 1.42 acres, more or less, being Lot 140, Lakeshore Villas Subdivision, Phase 2, shown in Plat Book 110, Page 166, being a portion of the property described in Deed Book 8927, Page 192, the description contained therein being incorporated herein by this reference, known as 186 Lakeshore Parkway. Years Due: 2023-2024 File #: 290 Map/Parcel Number: 23N06 055 Defendant(s) in FiFa: Spradlin, Jason Ashley; 23N06 055 / Lot 31 Saloma Ridge GI199 P3314 Current Property Owner: Same as Defendant(s) in FiFa Reference Deed: 11482/179 Property Description: All and only that parcel of land designated as Tax Parcel 23N06 055, lying and being in Land Lots 198 & 209 of the 23rd Land District, 2nd Section, Cherokee County, Georgia, containing 3.00 acres, more or less, being Lot 31, Saloma Ridge Subdivision, Unit III, shown in Plat Book 33, Page 54, described in Deed Book 7580, Page 199, the description contained therein being incorporated herein by this reference, known as 2050 White Laurel Lane. Years Due: 2023-2024 File #: 293 Map/Parcel Number: 23N10 032 Defendant(s) in FiFa: Sutter, Joseph Steven; 23N10 032, LL 6 Saloma Ridge SI 079P320 PG0&9&25 Current Property Owner: Same as Defendant(s) in FiFa Reference Deed: 13401/461 Property Description: All and only that parcel of land designated as Tax Parcel 23N10 032, lying and being in Land Lot 6 of the 23rd Land District, 2nd Section, Cherokee County, Georgia, containing 5 acres, more or less, being Lot 64, Saloma Ridge Subdivision, Unit IV, shown in Plat Book 33, Page 54, described in Deed Book 13401, Page 461, the description contained therein being incorporated herein by this reference, known as 98 Saloma Azalea Trail. Years Due: 2023-2024 File #: 294 Map/Parcel Number: 14N04 036 Defendant(s) in FiFa: Swan, Robert & Joseph L.; 14N04 036, Lot 7 Highland Ridge U1 P89P248 Current Property Owner: Same as Defendant(s) in FiFa Reference Deed: 14864/790 Property Description: All and only that parcel of land designated as Tax Parcel 14N04 036, lying and being in Land Lot 87 of the 14th Land District, 2nd Section, Cherokee County, Georgia, containing 5.33 acres, more or less, being Lot 7, Highland Ridge Subdivision, Unit II, shown in Plat Book 39, Page 248, described in Deed Book 14864, Page 790, the description contained therein being incorporated herein by this reference, known as 92 Peniel Road. Years Due: 2023-2024 File #: 295 Map/Parcel Number: 14N08B 033 Defendant(s) in FiFa: Threewitt, Tonia; 14N08B 033 Lot 471 Bridgemill Unit 4 J PH 2 Current Property Owner: Same as Defendant(s) in FiFa Reference Deed: 13955/214 Property Description: All and only that parcel of land designated as Tax Parcel 14N08B 033, lying and being in Land Lot 36 of the 14th Land District, 2nd Section, Cherokee County, Georgia, containing 0.47 acres, more or less, being Lot 4571, Bridgemill Subdivision, Unit 42, Phase II, shown in Plat Book 78, Page 68, described in Deed Book 13955, Page 214, the description contained therein being incorporated herein by this reference, known as 240 Wyndham Lane. Years Due: 2023-2024 File #: 297 Map/Parcel Number: 14N16B 138 Defendant(s) in FiFa: Townsend, Cheryl; 14N16B 138 / LL 170 14th D Current Property Owner: Same as Defendant(s) in FiFa Reference Deed: 11908/179 Property Description: All and only that parcel of land designated as Tax Parcel 14N16B 138, lying and being in Land Lot 170 of the 14th Land District, 2nd Section, Cherokee County, Georgia, being a portion of Tract 4, as described in Deed Book 6125, Page 256, the description contained therein being incorporated herein by this reference, known as 1006 Rock Creek Road. Years Due: 2023-2024 File #: 300 Map/Parcel Number: 15N12 016 Defendant(s) in FiFa: Watkins, John Scott; 15N12 016 / LL 381 DIST 15 Current Property Owner: Same as Defendant(s) in FiFa Reference Deed: 14682/2031 Property Description: All and only that parcel of land designated as Tax Parcel 15N12 016, lying and being in Land Lot 381 of the 15th Land District, 2nd Section, Cherokee County, Georgia, containing 1.01 acres, more or less, described in Deed Book 11092, Page 137, the description contained therein being incorporated herein by this reference, known as 250 Hawks Stroud Lane. Years Due: 2023-2024 File #: 303 Map/Parcel Number: 15N03 003E12 Defendant(s) in FiFa: Wiles, Leonard Erwin; 15N03 003E12 / Wiles Leonard or Karina Cabin 3 Current Property Owner: Same as Defendant(s) in FiFa Reference Deed: NRF Property Description: BUILDING ONLY: All and only that parcel of land designated as Tax Parcel 15N03 003E12, situated in Cherokee County, Georgia, being a 1970 Cabin, consisting of 768 square feet, further
8077	Tax Notice
being described as Cabin 3, Little River Marina, the description contained therein being incorporated herein by this reference, known as 175 Marina Court. Years Due: 2023-2024 File #: 306 Map/Parcel Number: 14N03 044 Defendant(s) in FiFa: Williams, June P &; 14N03 044, Lot 9 Ash Ridge S/D 22/129 Current Property Owner: Same as Defendant(s) in FiFa Reference Deed: 7730/276 Property Description: All and only that parcel of land designated as Tax Parcel 14N03 044, lying and being in Land Lot 36 of the 14th Land District, 2nd Section, Cherokee County, Georgia, containing 0.54 acres, more or less, being Lot 9, Ash Ridge Subdivision, shown in Plat Book 22, Page 129, described in Deed Book 7730, Page 276, the description contained therein being incorporated herein by this reference, known as 291 Little Refuge Road. Years Due: 2023-2024 File #: 316 Map/Parcel Number: 14N09 039 Defendant(s) in FiFa: Young, Sandra Ann & Young, Donna Gl; 14N09 039 / LL 180 14th D Current Property Owner: Young, Sandra Ann & Young, Donna G Reference Deed: 14337/183 / 14022/26 Property Description: All and only that parcel of land designated as Tax Parcel 14N09 039, lying and being in Land Lot 180 of the 14th Land District, 2nd Section, Cherokee County, Georgia, containing 0.69 acres, more or less, described in Deed Book 14337, Page 183, the description contained therein being incorporated herein by this reference, known as 225 Tailmine Drive. Years Due: 2023-2024 File #: 317 Map/Parcel Number: 14N17B 024 Defendant(s) in FiFa: Zaragoza, Arnulfo; 14N17B 024, LL 130 14th D Current Property Owner: Same as Defendant(s) in FiFa Reference Deed: 12760/6 Property Description: All and only that parcel of land designated as Tax Parcel 14N17B 024, lying and being in Land Lot 130 of the 14th Land District, 2nd Section, Cherokee County, Georgia, containing 0.55 acres, more or less, described in Deed Book 12760, Page 6, the description contained therein being incorporated herein by this reference, known as 270 Magnolia Drive. Years Due: 2023-2024 File #: 318 Map/Parcel Number: 14N17A 012 Defendant(s) in FiFa: Zaragoza, Arnulfo; 14N17A 012 B, LL 130 14th D Current Property Owner: Zaragoza, Arnulfo & Flores, Bertha A Reference Deed: 11252/278 Property Description: All and only that parcel of land designated as Tax Parcel 14N17A 012, lying and being in Land Lot 130 of the 14th Land District, 2nd Section, Cherokee County, Georgia, containing 1.48 acres, more or less, shown in Deed Book 10082, Page 299, described in Deed Book 11252, Page 278, the description contained therein being incorporated herein by this reference, known as 901 Oakdale Road. Years Due: 2023-2024 File #: 319 Map/Parcel Number: 14N17A 018 Defendant(s) in FiFa: Zaragoza, Arnulfo; 14N17A 018, LL 130 14th D Current Property Owner: Zaragoza, Arnulfo & Jesena B Marcelo Reference Deed: 14994/693 Property Description: All and only that parcel of land designated as Tax Parcel 14N17A 018, lying and being in Land Lot 130 of the 14th Land District, 2nd Section, Cherokee County, Georgia, described in Deed Book 14994, Page 693, the description contained therein being incorporated herein by this reference, known as 62 Magnolia Drive. Years Due: 2023-2024 File #: 320 Map/Parcel Number: 14N17B 025 Defendant(s) in FiFa: Zaragoza, Rosendo; 14N17B 025, LL 130 14th D Current Property Owner: Zaragoza, Rosendo & Marisela Reference Deed: 14364/733 Property Description: All and only that parcel of land designated as Tax Parcel 14N17B 025, lying and being in Land Lot 130 of the 14th Land District, 2nd Section, Cherokee County, Georgia, described in Deed Book 14364, Page 2753, the description contained therein being incorporated herein by this reference, known as 274 Magnolia Drive. Years Due: 2023-2024 File #: 321 Map/Parcel Number: 14N17B 026 Defendant(s) in FiFa: Zaragoza, Rosendo; 14N17B 026, LL 130 14th D Current Property Owner: Zaragoza, Rosendo & Marisela Reference Deed: 14364/2699 Property Description: All and only that parcel of land designated as Tax Parcel 14N17B 026, lying and being in Land Lot 130 of the 14th Land District, 2nd Section, Cherokee County, Georgia, described in Deed Book 14364, Page 2699, the description contained therein being incorporated herein by this reference, known as 201 Magnolia Drive. Years Due: 2023-2024 9:11,18,25;10:2-2025
Advertising?
Our local
content
reaches your
local
customer
